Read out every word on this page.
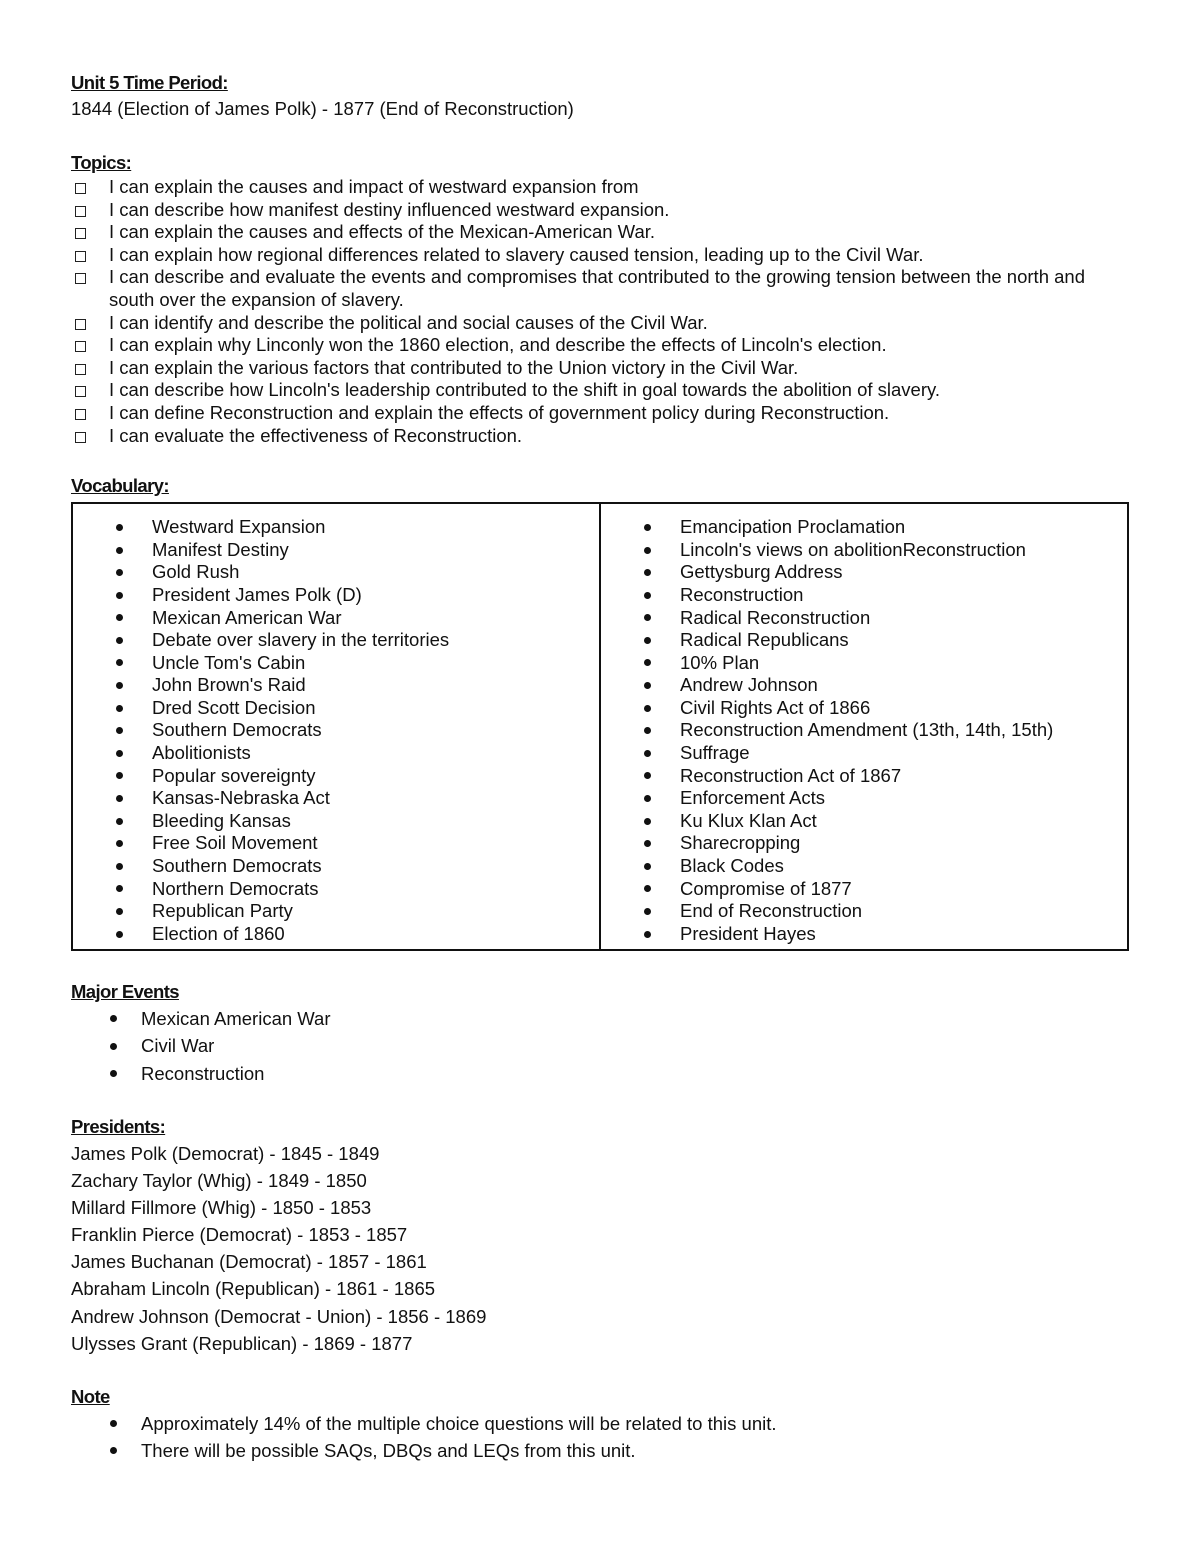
Unit 5 Time Period:
1844 (Election of James Polk) - 1877 (End of Reconstruction)
Topics:
I can explain the causes and impact of westward expansion from
I can describe how manifest destiny influenced westward expansion.
I can explain the causes and effects of the Mexican-American War.
I can explain how regional differences related to slavery caused tension, leading up to the Civil War.
I can describe and evaluate the events and compromises that contributed to the growing tension between the north and south over the expansion of slavery.
I can identify and describe the political and social causes of the Civil War.
I can explain why Linconly won the 1860 election, and describe the effects of Lincoln's election.
I can explain the various factors that contributed to the Union victory in the Civil War.
I can describe how Lincoln's leadership contributed to the shift in goal towards the abolition of slavery.
I can define Reconstruction and explain the effects of government policy during Reconstruction.
I can evaluate the effectiveness of Reconstruction.
Vocabulary:
Westward Expansion
Manifest Destiny
Gold Rush
President James Polk (D)
Mexican American War
Debate over slavery in the territories
Uncle Tom's Cabin
John Brown's Raid
Dred Scott Decision
Southern Democrats
Abolitionists
Popular sovereignty
Kansas-Nebraska Act
Bleeding Kansas
Free Soil Movement
Southern Democrats
Northern Democrats
Republican Party
Election of 1860
Emancipation Proclamation
Lincoln's views on abolitionReconstruction
Gettysburg Address
Reconstruction
Radical Reconstruction
Radical Republicans
10% Plan
Andrew Johnson
Civil Rights Act of 1866
Reconstruction Amendment (13th, 14th, 15th)
Suffrage
Reconstruction Act of 1867
Enforcement Acts
Ku Klux Klan Act
Sharecropping
Black Codes
Compromise of 1877
End of Reconstruction
President Hayes
Major Events
Mexican American War
Civil War
Reconstruction
Presidents:
James Polk (Democrat) - 1845 - 1849
Zachary Taylor (Whig) - 1849 - 1850
Millard Fillmore (Whig) - 1850 - 1853
Franklin Pierce (Democrat) - 1853 - 1857
James Buchanan (Democrat) - 1857 - 1861
Abraham Lincoln (Republican) - 1861 - 1865
Andrew Johnson (Democrat - Union) - 1856 - 1869
Ulysses Grant (Republican) - 1869 - 1877
Note
Approximately 14% of the multiple choice questions will be related to this unit.
There will be possible SAQs, DBQs and LEQs from this unit.
